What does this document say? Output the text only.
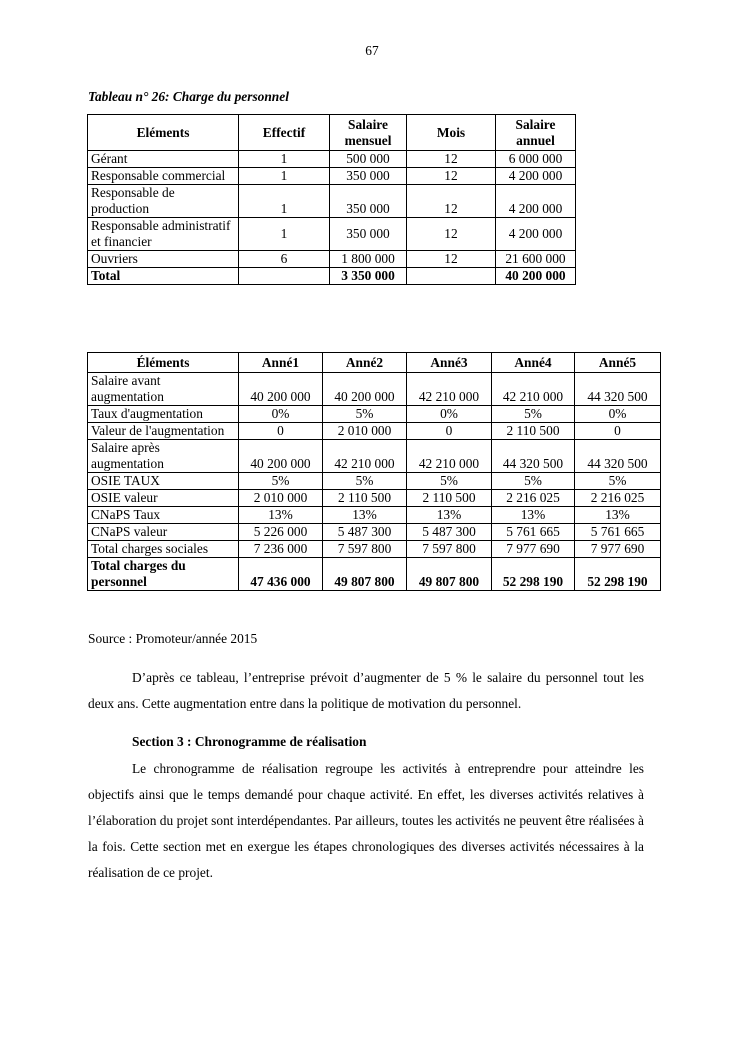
67
Tableau n° 26: Charge du personnel
Eléments	Effectif	Salaire mensuel	Mois	Salaire annuel
Gérant	1	500 000	12	6 000 000
Responsable commercial	1	350 000	12	4 200 000
Responsable de production	1	350 000	12	4 200 000
Responsable administratif et financier	1	350 000	12	4 200 000
Ouvriers	6	1 800 000	12	21 600 000
Total		3 350 000		40 200 000
Éléments	Anné1	Anné2	Anné3	Anné4	Anné5
Salaire avant augmentation	40 200 000	40 200 000	42 210 000	42 210 000	44 320 500
Taux d'augmentation	0%	5%	0%	5%	0%
Valeur de l'augmentation	0	2 010 000	0	2 110 500	0
Salaire après augmentation	40 200 000	42 210 000	42 210 000	44 320 500	44 320 500
OSIE TAUX	5%	5%	5%	5%	5%
OSIE valeur	2 010 000	2 110 500	2 110 500	2 216 025	2 216 025
CNaPS Taux	13%	13%	13%	13%	13%
CNaPS valeur	5 226 000	5 487 300	5 487 300	5 761 665	5 761 665
Total charges sociales	7 236 000	7 597 800	7 597 800	7 977 690	7 977 690
Total charges du personnel	47 436 000	49 807 800	49 807 800	52 298 190	52 298 190
Source : Promoteur/année 2015

D’après ce tableau, l’entreprise prévoit d’augmenter de 5 % le salaire du personnel tout les deux ans. Cette augmentation entre dans la politique de motivation du personnel.

Section 3 : Chronogramme de réalisation

Le chronogramme de réalisation regroupe les activités à entreprendre pour atteindre les objectifs ainsi que le temps demandé pour chaque activité. En effet, les diverses activités relatives à l’élaboration du projet sont interdépendantes. Par ailleurs, toutes les activités ne peuvent être réalisées à la fois. Cette section met en exergue les étapes chronologiques des diverses activités nécessaires à la réalisation de ce projet.
